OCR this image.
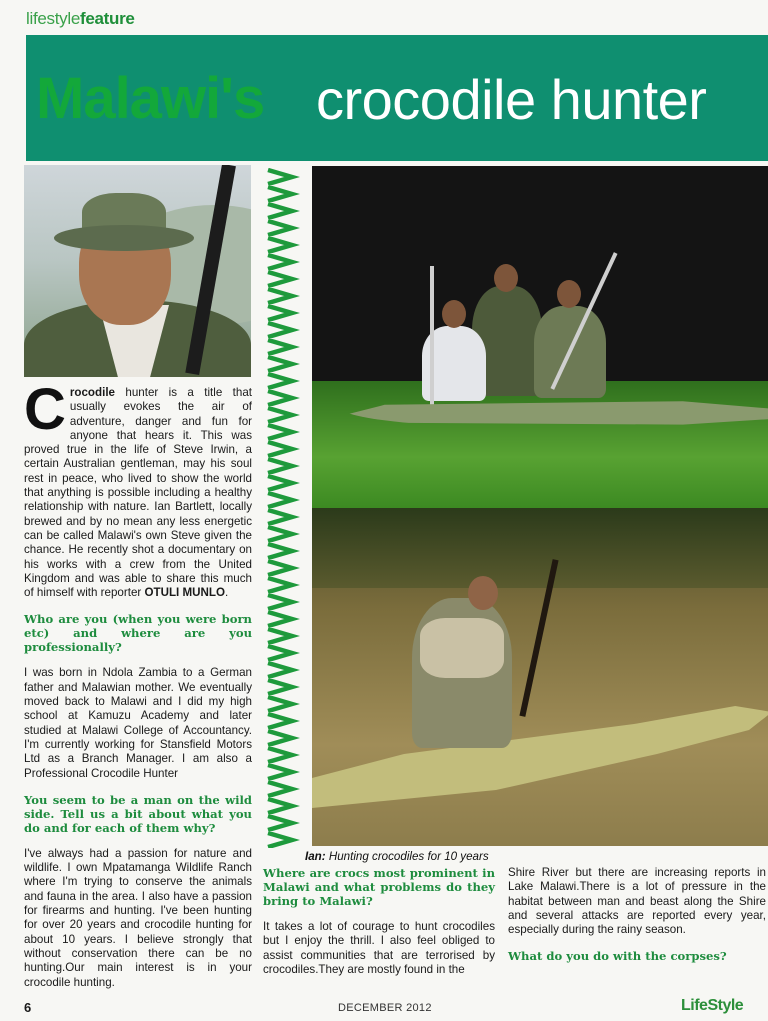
lifestylefeature
Malawi's crocodile hunter
Ian: Hunting crocodiles for 10 years

Crocodile hunter is a title that usually evokes the air of adventure, danger and fun for anyone that hears it. This was proved true in the life of Steve Irwin, a certain Australian gentleman, may his soul rest in peace, who lived to show the world that anything is possible including a healthy relationship with nature. Ian Bartlett, locally brewed and by no mean any less energetic can be called Malawi's own Steve given the chance. He recently shot a documentary on his works with a crew from the United Kingdom and was able to share this much of himself with reporter OTULI MUNLO.

Who are you (when you were born etc) and where are you professionally?

I was born in Ndola Zambia to a German father and Malawian mother. We eventually moved back to Malawi and I did my high school at Kamuzu Academy and later studied at Malawi College of Accountancy. I'm currently working for Stansfield Motors Ltd as a Branch Manager. I am also a Professional Crocodile Hunter

You seem to be a man on the wild side. Tell us a bit about what you do and for each of them why?

I've always had a passion for nature and wildlife. I own Mpatamanga Wildlife Ranch where I'm trying to conserve the animals and fauna in the area. I also have a passion for firearms and hunting. I've been hunting for over 20 years and crocodile hunting for about 10 years. I believe strongly that without conservation there can be no hunting.Our main interest is in your crocodile hunting.

Where are crocs most prominent in Malawi and what problems do they bring to Malawi?

It takes a lot of courage to hunt crocodiles but I enjoy the thrill. I also feel obliged to assist communities that are terrorised by crocodiles.They are mostly found in the

Shire River but there are increasing reports in Lake Malawi.There is a lot of pressure in the habitat between man and beast along the Shire and several attacks are reported every year, especially during the rainy season.

What do you do with the corpses?

6	DECEMBER 2012	LifeStyle
